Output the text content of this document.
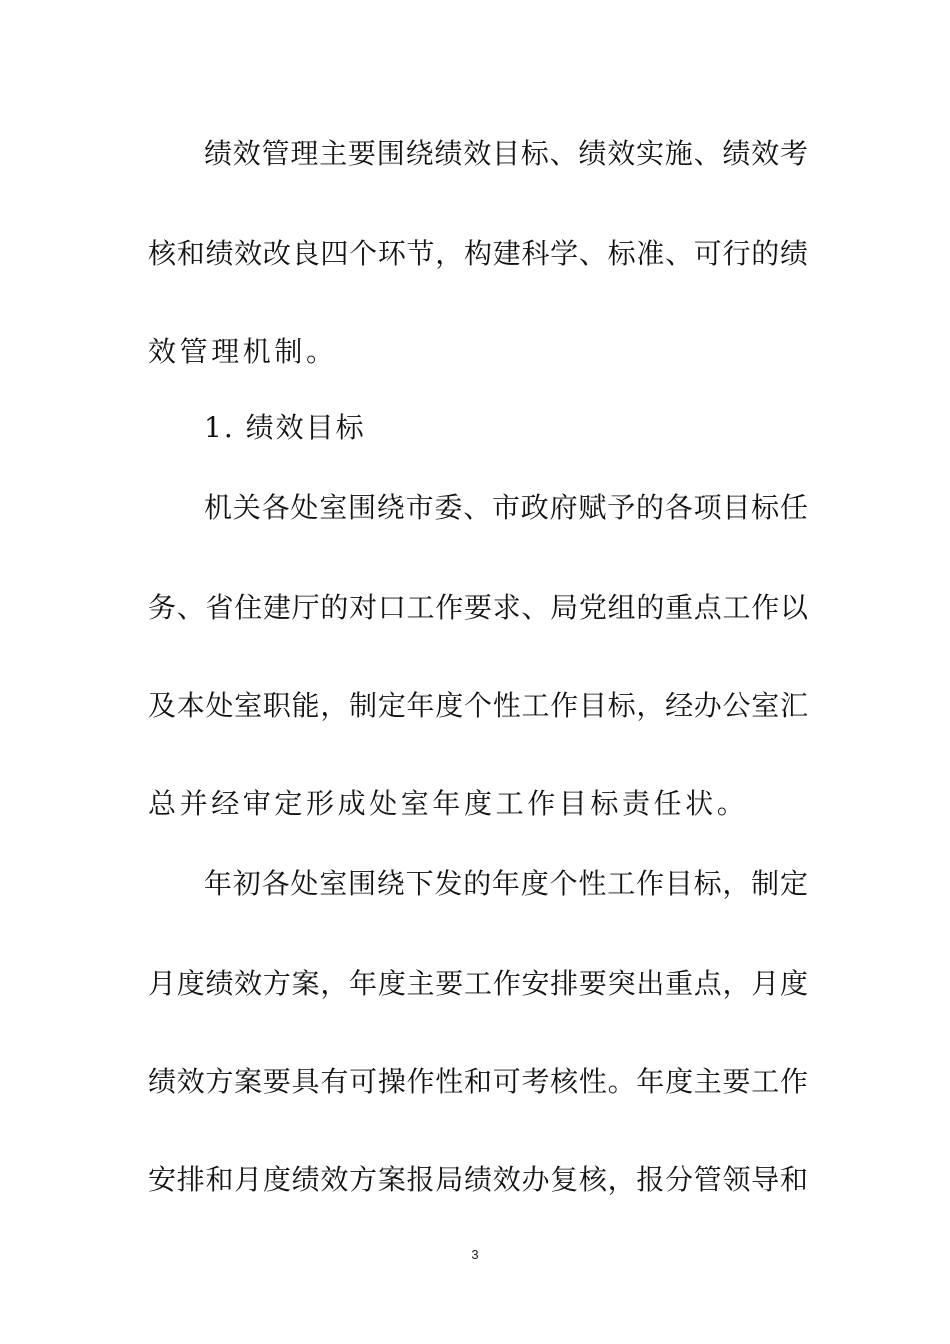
绩效管理主要围绕绩效目标、绩效实施、绩效考
核和绩效改良四个环节，构建科学、标准、可行的绩
效管理机制。
1. 绩效目标
机关各处室围绕市委、市政府赋予的各项目标任
务、省住建厅的对口工作要求、局党组的重点工作以
及本处室职能，制定年度个性工作目标，经办公室汇
总并经审定形成处室年度工作目标责任状。
年初各处室围绕下发的年度个性工作目标，制定
月度绩效方案，年度主要工作安排要突出重点，月度
绩效方案要具有可操作性和可考核性。年度主要工作
安排和月度绩效方案报局绩效办复核，报分管领导和
3
